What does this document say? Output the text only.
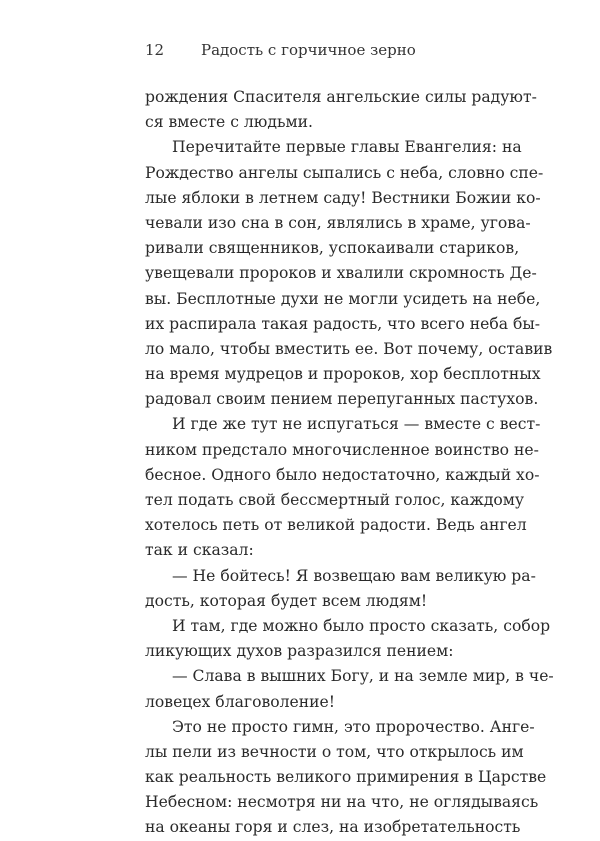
12 Радость с горчичное зерно
рождения Спасителя ангельские силы радуют-
ся вместе с людьми.
Перечитайте первые главы Евангелия: на
Рождество ангелы сыпались с неба, словно спе-
лые яблоки в летнем саду! Вестники Божии ко-
чевали изо сна в сон, являлись в храме, угова-
ривали священников, успокаивали стариков,
увещевали пророков и хвалили скромность Де-
вы. Бесплотные духи не могли усидеть на небе,
их распирала такая радость, что всего неба бы-
ло мало, чтобы вместить ее. Вот почему, оставив
на время мудрецов и пророков, хор бесплотных
радовал своим пением перепуганных пастухов.
И где же тут не испугаться — вместе с вест-
ником предстало многочисленное воинство не-
бесное. Одного было недостаточно, каждый хо-
тел подать свой бессмертный голос, каждому
хотелось петь от великой радости. Ведь ангел
так и сказал:
— Не бойтесь! Я возвещаю вам великую ра-
дость, которая будет всем людям!
И там, где можно было просто сказать, собор
ликующих духов разразился пением:
— Слава в вышних Богу, и на земле мир, в че-
ловецех благоволение!
Это не просто гимн, это пророчество. Анге-
лы пели из вечности о том, что открылось им
как реальность великого примирения в Царстве
Небесном: несмотря ни на что, не оглядываясь
на океаны горя и слез, на изобретательность
